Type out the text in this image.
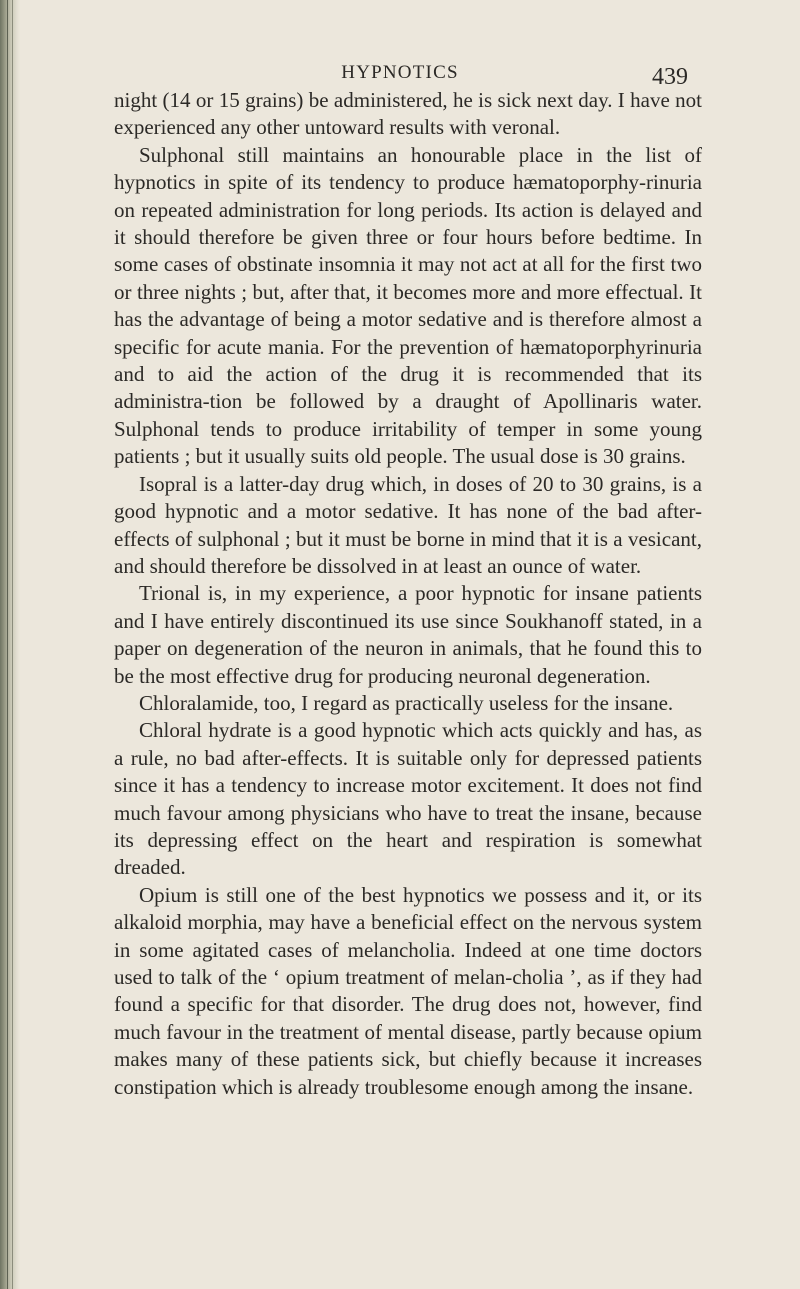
HYPNOTICS	439

night (14 or 15 grains) be administered, he is sick next day. I have not experienced any other untoward results with veronal.

Sulphonal still maintains an honourable place in the list of hypnotics in spite of its tendency to produce hæmatoporphy-rinuria on repeated administration for long periods. Its action is delayed and it should therefore be given three or four hours before bedtime. In some cases of obstinate insomnia it may not act at all for the first two or three nights ; but, after that, it becomes more and more effectual. It has the advantage of being a motor sedative and is therefore almost a specific for acute mania. For the prevention of hæmatoporphyrinuria and to aid the action of the drug it is recommended that its administra-tion be followed by a draught of Apollinaris water. Sulphonal tends to produce irritability of temper in some young patients ; but it usually suits old people. The usual dose is 30 grains.

Isopral is a latter-day drug which, in doses of 20 to 30 grains, is a good hypnotic and a motor sedative. It has none of the bad after-effects of sulphonal ; but it must be borne in mind that it is a vesicant, and should therefore be dissolved in at least an ounce of water.

Trional is, in my experience, a poor hypnotic for insane patients and I have entirely discontinued its use since Soukhanoff stated, in a paper on degeneration of the neuron in animals, that he found this to be the most effective drug for producing neuronal degeneration.

Chloralamide, too, I regard as practically useless for the insane.

Chloral hydrate is a good hypnotic which acts quickly and has, as a rule, no bad after-effects. It is suitable only for depressed patients since it has a tendency to increase motor excitement. It does not find much favour among physicians who have to treat the insane, because its depressing effect on the heart and respiration is somewhat dreaded.

Opium is still one of the best hypnotics we possess and it, or its alkaloid morphia, may have a beneficial effect on the nervous system in some agitated cases of melancholia. Indeed at one time doctors used to talk of the ‘ opium treatment of melan-cholia ’, as if they had found a specific for that disorder. The drug does not, however, find much favour in the treatment of mental disease, partly because opium makes many of these patients sick, but chiefly because it increases constipation which is already troublesome enough among the insane.
